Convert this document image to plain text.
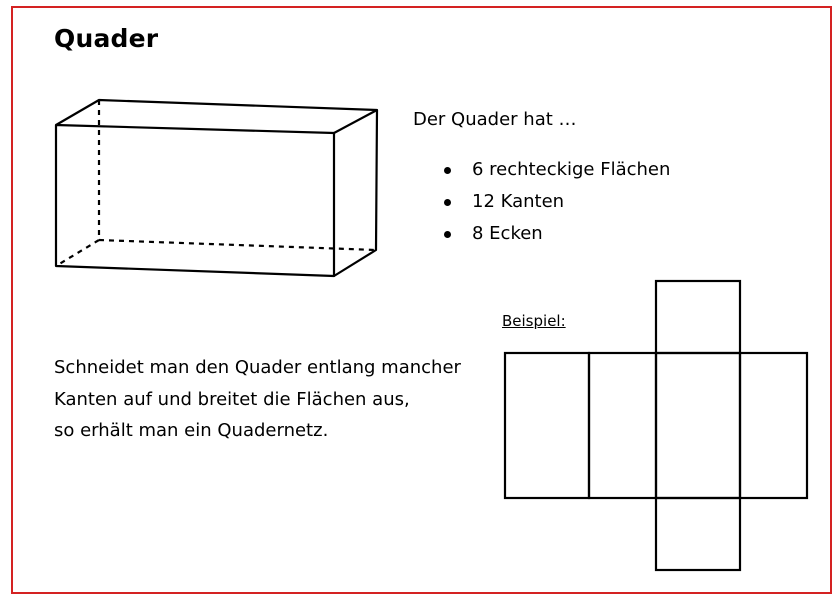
Quader
Der Quader hat …
6 rechteckige Flächen
12 Kanten
8 Ecken
Beispiel:
Schneidet man den Quader entlang mancher
Kanten auf und breitet die Flächen aus,
so erhält man ein Quadernetz.
